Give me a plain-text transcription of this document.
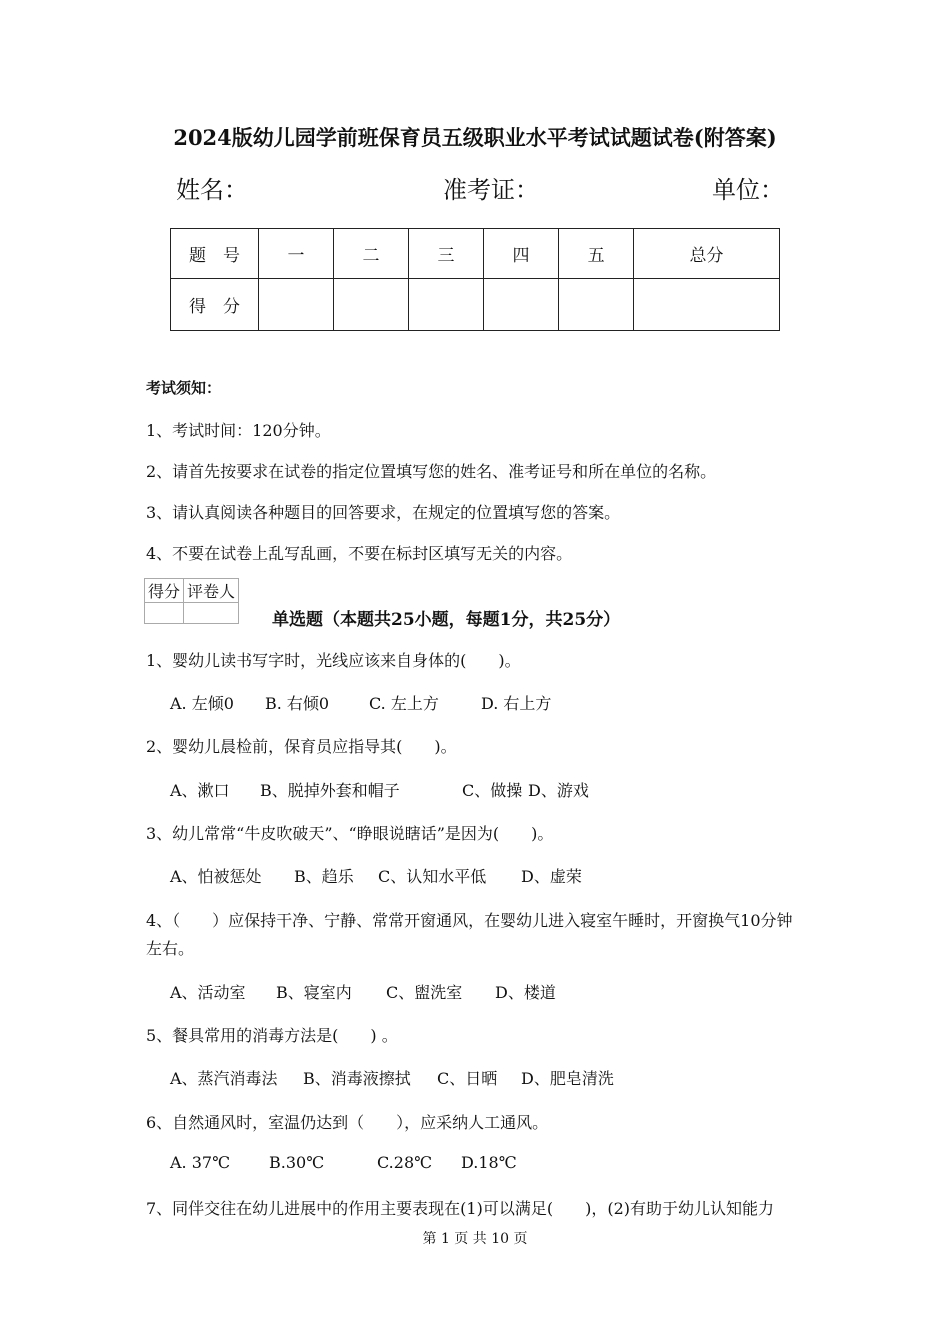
2024版幼儿园学前班保育员五级职业水平考试试题试卷(附答案)
姓名：	准考证：	单位：
题　号	一	二	三	四	五	总分
得　分						
考试须知：
1、考试时间：120分钟。
2、请首先按要求在试卷的指定位置填写您的姓名、准考证号和所在单位的名称。
3、请认真阅读各种题目的回答要求，在规定的位置填写您的答案。
4、不要在试卷上乱写乱画，不要在标封区填写无关的内容。
得分	评卷人

单选题（本题共25小题，每题1分，共25分）
1、婴幼儿读书写字时，光线应该来自身体的(　　)。
A. 左倾0 B. 右倾0 C. 左上方	D. 右上方
2、婴幼儿晨检前，保育员应指导其(　　)。
A、漱口 B、脱掉外套和帽子	C、做操 D、游戏
3、幼儿常常“牛皮吹破天”、“睁眼说瞎话”是因为(　　)。
A、怕被惩处 B、趋乐 C、认知水平低 D、虚荣
4、（　　）应保持干净、宁静、常常开窗通风，在婴幼儿进入寝室午睡时，开窗换气10分钟
左右。
A、活动室 B、寝室内 C、盥洗室 D、楼道
5、餐具常用的消毒方法是(　　) 。
A、蒸汽消毒法 B、消毒液擦拭 C、日晒 D、肥皂清洗
6、自然通风时，室温仍达到（　　），应采纳人工通风。
A. 37℃ B.30℃	C.28℃ D.18℃
7、同伴交往在幼儿进展中的作用主要表现在(1)可以满足(　　)，(2)有助于幼儿认知能力
第 1 页 共 10 页
